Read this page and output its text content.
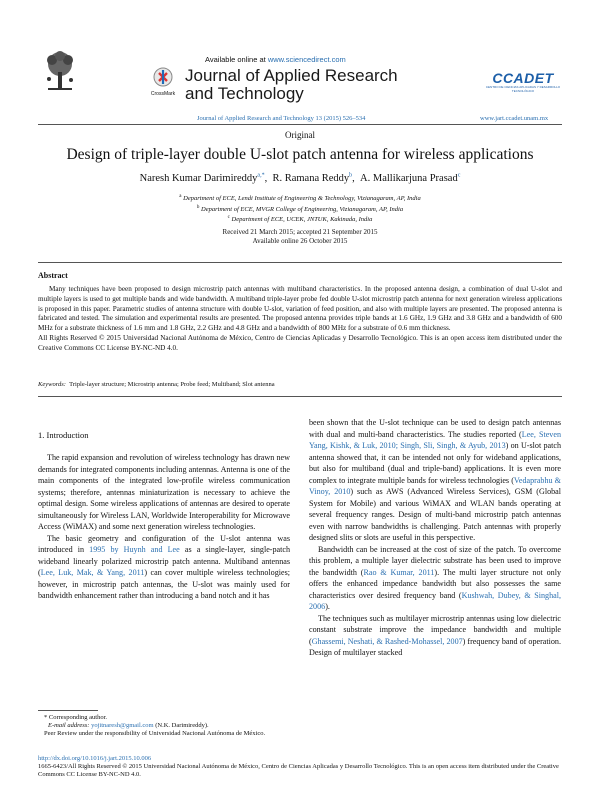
Available online at www.sciencedirect.com
CrossMark
Journal of Applied Research
and Technology
CCADET
CENTRO DE CIENCIAS APLICADAS Y DESARROLLO TECNOLÓGICO
Journal of Applied Research and Technology 13 (2015) 526–534	www.jart.ccadet.unam.mx
Original
Design of triple-layer double U-slot patch antenna for wireless applications
Naresh Kumar Darimireddy$^{a,*}$, R. Ramana Reddy$^b$, A. Mallikarjuna Prasad$^c$
$^a$ Department of ECE, Lendi Institute of Engineering & Technology, Vizianagaram, AP, India
$^b$ Department of ECE, MVGR College of Engineering, Vizianagaram, AP, India
$^c$ Department of ECE, UCEK, JNTUK, Kakinada, India
Received 21 March 2015; accepted 21 September 2015
Available online 26 October 2015
Abstract
Many techniques have been proposed to design microstrip patch antennas with multiband characteristics. In the proposed antenna design, a combination of dual U-slot and multiple layers is used to get multiple bands and wide bandwidth. A multiband triple-layer probe fed double U-slot microstrip patch antenna for next generation wireless applications is proposed in this paper. Parametric studies of antenna structure with double U-slot, variation of feed position, and also with multiple layers are presented. The proposed antenna is fabricated and tested. The simulation and experimental results are presented. The proposed antenna provides triple bands at 1.6 GHz, 1.9 GHz and 3.8 GHz and a bandwidth of 600 MHz for a substrate thickness of 1.6 mm and 1.8 GHz, 2.2 GHz and 4.8 GHz and a bandwidth of 800 MHz for a substrate of 0.6 mm thickness.
All Rights Reserved © 2015 Universidad Nacional Autónoma de México, Centro de Ciencias Aplicadas y Desarrollo Tecnológico. This is an open access item distributed under the Creative Commons CC License BY-NC-ND 4.0.
Keywords: Triple-layer structure; Microstrip antenna; Probe feed; Multiband; Slot antenna
1. Introduction

The rapid expansion and revolution of wireless technology has drawn new demands for integrated components including antennas. Antenna is one of the main components of the integrated low-profile wireless communication systems; therefore, antennas miniaturization is necessary to achieve the optimal design. Some wireless applications of antennas are desired to operate simultaneously for Wireless LAN, Worldwide Interoperability for Microwave Access (WiMAX) and some next generation wireless technologies.

The basic geometry and configuration of the U-slot antenna was introduced in 1995 by Huynh and Lee as a single-layer, single-patch wideband linearly polarized microstrip patch antenna. Multiband antennas (Lee, Luk, Mak, & Yang, 2011) can cover multiple wireless technologies; however, in microstrip patch antennas, the U-slot was mainly used for bandwidth enhancement rather than introducing a band notch and it has

been shown that the U-slot technique can be used to design patch antennas with dual and multi-band characteristics. The studies reported (Lee, Steven Yang, Kishk, & Luk, 2010; Singh, Sli, Singh, & Ayub, 2013) on U-slot patch antenna showed that, it can be intended not only for wideband applications, but also for multiband (dual and triple-band) applications. It is even more complex to integrate multiple bands for wireless technologies (Vedaprabhu & Vinoy, 2010) such as AWS (Advanced Wireless Services), GSM (Global System for Mobile) and various WiMAX and WLAN bands operating at several frequency ranges. Design of multi-band microstrip patch antennas even with narrow bandwidths is challenging. Patch antennas with properly designed slits or slots are useful in this perspective.

Bandwidth can be increased at the cost of size of the patch. To overcome this problem, a multiple layer dielectric substrate has been used to improve the bandwidth (Rao & Kumar, 2011). The multi layer structure not only offers the enhanced impedance bandwidth but also possesses the same characteristics over desired frequency band (Kushwah, Dubey, & Singhal, 2006).

The techniques such as multilayer microstrip antennas using low dielectric constant substrate improve the impedance bandwidth and multiple (Ghassemi, Neshati, & Rashed-Mohassel, 2007) frequency band of operation. Design of multilayer stacked

* Corresponding author.
E-mail address: yojitnaresh@gmail.com (N.K. Darimireddy).
Peer Review under the responsibility of Universidad Nacional Autónoma de México.
http://dx.doi.org/10.1016/j.jart.2015.10.006
1665-6423/All Rights Reserved © 2015 Universidad Nacional Autónoma de México, Centro de Ciencias Aplicadas y Desarrollo Tecnológico. This is an open access item distributed under the Creative Commons CC License BY-NC-ND 4.0.
